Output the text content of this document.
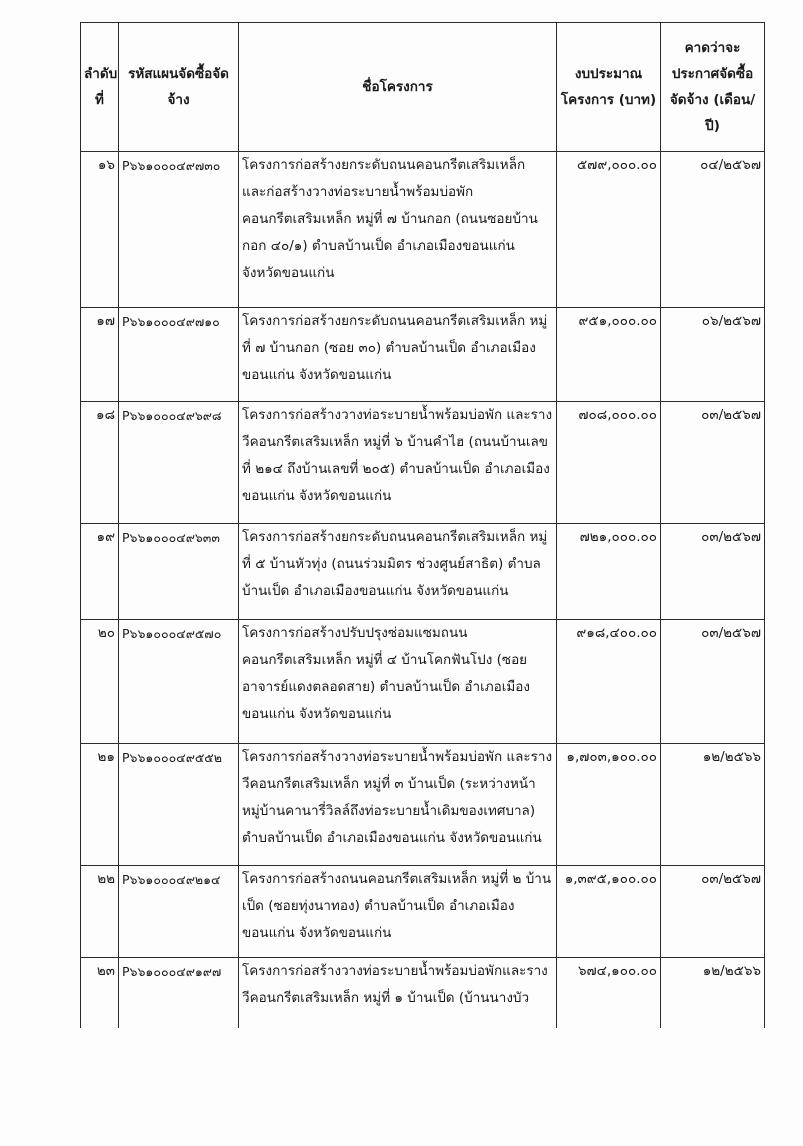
ลำดับที่	รหัสแผนจัดซื้อจัดจ้าง	ชื่อโครงการ	งบประมาณโครงการ (บาท)	คาดว่าจะประกาศจัดซื้อจัดจ้าง (เดือน/ปี)
๑๖	P๖๖๑๐๐๐๔๙๗๓๐	โครงการก่อสร้างยกระดับถนนคอนกรีตเสริมเหล็ก และก่อสร้างวางท่อระบายน้ำพร้อมบ่อพักคอนกรีตเสริมเหล็ก หมู่ที่ ๗ บ้านกอก (ถนนซอยบ้านกอก ๔๐/๑) ตำบลบ้านเป็ด อำเภอเมืองขอนแก่น จังหวัดขอนแก่น	๕๗๙,๐๐๐.๐๐	๐๔/๒๕๖๗
๑๗	P๖๖๑๐๐๐๔๙๗๑๐	โครงการก่อสร้างยกระดับถนนคอนกรีตเสริมเหล็ก หมู่ที่ ๗ บ้านกอก (ซอย ๓๐) ตำบลบ้านเป็ด อำเภอเมืองขอนแก่น จังหวัดขอนแก่น	๙๕๑,๐๐๐.๐๐	๐๖/๒๕๖๗
๑๘	P๖๖๑๐๐๐๔๙๖๙๘	โครงการก่อสร้างวางท่อระบายน้ำพร้อมบ่อพัก และรางวีคอนกรีตเสริมเหล็ก หมู่ที่ ๖ บ้านคำไฮ (ถนนบ้านเลขที่ ๒๑๔ ถึงบ้านเลขที่ ๒๐๕) ตำบลบ้านเป็ด อำเภอเมืองขอนแก่น จังหวัดขอนแก่น	๗๐๘,๐๐๐.๐๐	๐๓/๒๕๖๗
๑๙	P๖๖๑๐๐๐๔๙๖๓๓	โครงการก่อสร้างยกระดับถนนคอนกรีตเสริมเหล็ก หมู่ที่ ๕ บ้านหัวทุ่ง (ถนนร่วมมิตร ช่วงศูนย์สาธิต) ตำบลบ้านเป็ด อำเภอเมืองขอนแก่น จังหวัดขอนแก่น	๗๒๑,๐๐๐.๐๐	๐๓/๒๕๖๗
๒๐	P๖๖๑๐๐๐๔๙๕๗๐	โครงการก่อสร้างปรับปรุงซ่อมแซมถนนคอนกรีตเสริมเหล็ก หมู่ที่ ๔ บ้านโคกฟันโปง (ซอยอาจารย์แดงตลอดสาย) ตำบลบ้านเป็ด อำเภอเมืองขอนแก่น จังหวัดขอนแก่น	๙๑๘,๔๐๐.๐๐	๐๓/๒๕๖๗
๒๑	P๖๖๑๐๐๐๔๙๕๕๒	โครงการก่อสร้างวางท่อระบายน้ำพร้อมบ่อพัก และรางวีคอนกรีตเสริมเหล็ก หมู่ที่ ๓ บ้านเป็ด (ระหว่างหน้าหมู่บ้านคานารี่วิลล์ถึงท่อระบายน้ำเดิมของเทศบาล) ตำบลบ้านเป็ด อำเภอเมืองขอนแก่น จังหวัดขอนแก่น	๑,๗๐๓,๑๐๐.๐๐	๑๒/๒๕๖๖
๒๒	P๖๖๑๐๐๐๔๙๒๑๔	โครงการก่อสร้างถนนคอนกรีตเสริมเหล็ก หมู่ที่ ๒ บ้านเป็ด (ซอยทุ่งนาทอง) ตำบลบ้านเป็ด อำเภอเมืองขอนแก่น จังหวัดขอนแก่น	๑,๓๙๕,๑๐๐.๐๐	๐๓/๒๕๖๗
๒๓	P๖๖๑๐๐๐๔๙๑๙๗	โครงการก่อสร้างวางท่อระบายน้ำพร้อมบ่อพักและรางวีคอนกรีตเสริมเหล็ก หมู่ที่ ๑ บ้านเป็ด (บ้านนางบัว	๖๗๔,๑๐๐.๐๐	๑๒/๒๕๖๖
